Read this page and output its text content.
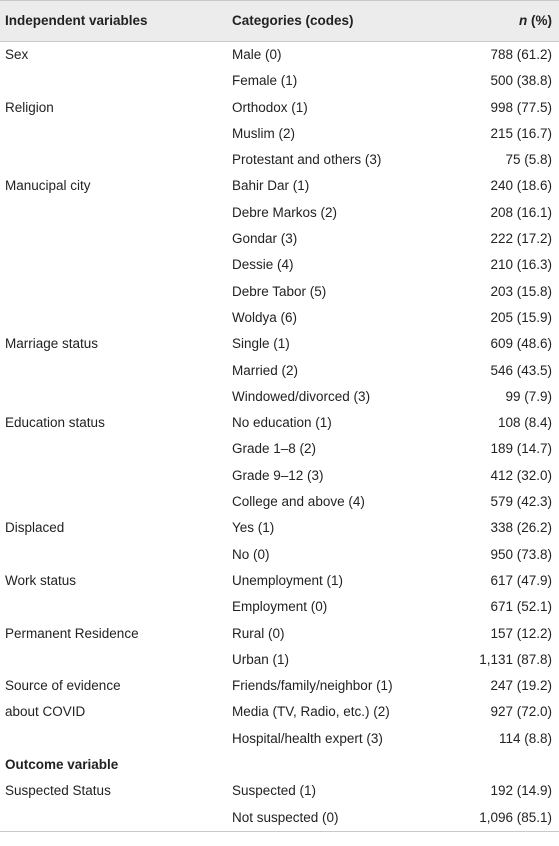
Independent variables	Categories (codes)	n (%)
Sex	Male (0)	788 (61.2)
Female (1)	500 (38.8)
Religion	Orthodox (1)	998 (77.5)
Muslim (2)	215 (16.7)
Protestant and others (3)	75 (5.8)
Manucipal city	Bahir Dar (1)	240 (18.6)
Debre Markos (2)	208 (16.1)
Gondar (3)	222 (17.2)
Dessie (4)	210 (16.3)
Debre Tabor (5)	203 (15.8)
Woldya (6)	205 (15.9)
Marriage status	Single (1)	609 (48.6)
Married (2)	546 (43.5)
Windowed/divorced (3)	99 (7.9)
Education status	No education (1)	108 (8.4)
Grade 1–8 (2)	189 (14.7)
Grade 9–12 (3)	412 (32.0)
College and above (4)	579 (42.3)
Displaced	Yes (1)	338 (26.2)
No (0)	950 (73.8)
Work status	Unemployment (1)	617 (47.9)
Employment (0)	671 (52.1)
Permanent Residence	Rural (0)	157 (12.2)
Urban (1)	1,131 (87.8)
Source of evidence	Friends/family/neighbor (1)	247 (19.2)
about COVID	Media (TV, Radio, etc.) (2)	927 (72.0)
Hospital/health expert (3)	114 (8.8)
Outcome variable
Suspected Status	Suspected (1)	192 (14.9)
Not suspected (0)	1,096 (85.1)
